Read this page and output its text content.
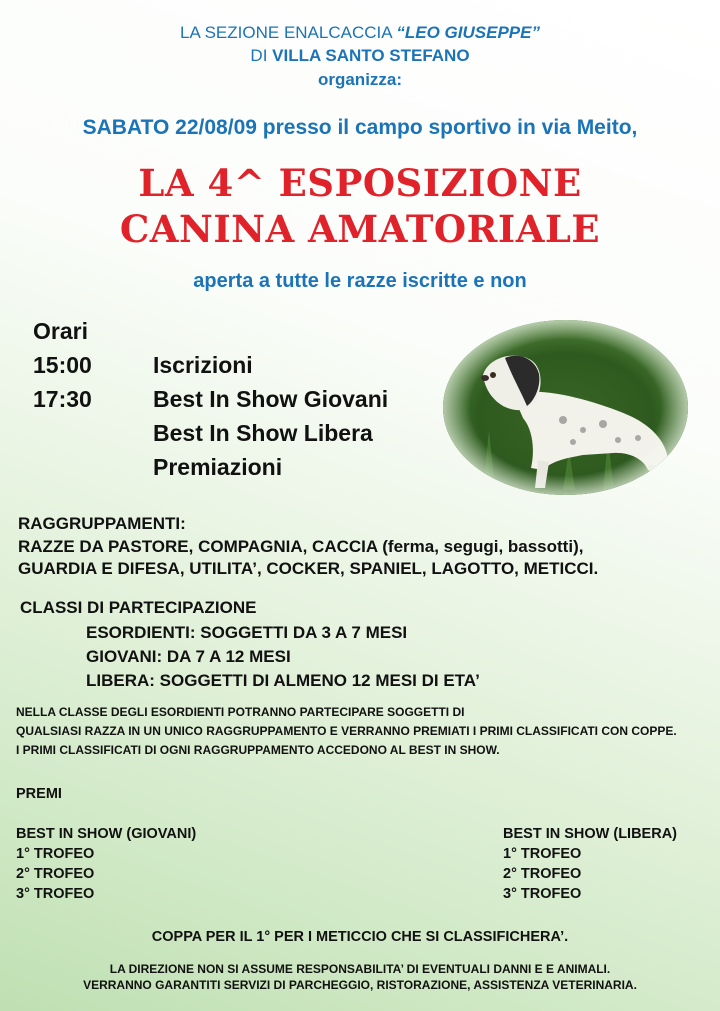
LA SEZIONE ENALCACCIA “LEO GIUSEPPE”
DI VILLA SANTO STEFANO
organizza:
SABATO 22/08/09 presso il campo sportivo in via Meito,
LA 4^ ESPOSIZIONE
CANINA AMATORIALE
aperta a tutte le razze iscritte e non
Orari
15:00	Iscrizioni
17:30	Best In Show Giovani
Best In Show Libera
Premiazioni
RAGGRUPPAMENTI:
RAZZE DA PASTORE, COMPAGNIA, CACCIA (ferma, segugi, bassotti),
GUARDIA E DIFESA, UTILITA’, COCKER, SPANIEL, LAGOTTO, METICCI.
CLASSI DI PARTECIPAZIONE
ESORDIENTI: SOGGETTI DA 3 A 7 MESI
GIOVANI: DA 7 A 12 MESI
LIBERA: SOGGETTI DI ALMENO 12 MESI DI ETA’
NELLA CLASSE DEGLI ESORDIENTI POTRANNO PARTECIPARE SOGGETTI DI
QUALSIASI RAZZA IN UN UNICO RAGGRUPPAMENTO E VERRANNO PREMIATI I PRIMI CLASSIFICATI CON COPPE.
I PRIMI CLASSIFICATI DI OGNI RAGGRUPPAMENTO ACCEDONO AL BEST IN SHOW.
PREMI
BEST IN SHOW (GIOVANI)
1° TROFEO
2° TROFEO
3° TROFEO
BEST IN SHOW (LIBERA)
1° TROFEO
2° TROFEO
3° TROFEO
COPPA PER IL 1° PER I METICCIO CHE SI CLASSIFICHERA’.
LA DIREZIONE NON SI ASSUME RESPONSABILITA’ DI EVENTUALI DANNI E E ANIMALI.
VERRANNO GARANTITI SERVIZI DI PARCHEGGIO, RISTORAZIONE, ASSISTENZA VETERINARIA.
